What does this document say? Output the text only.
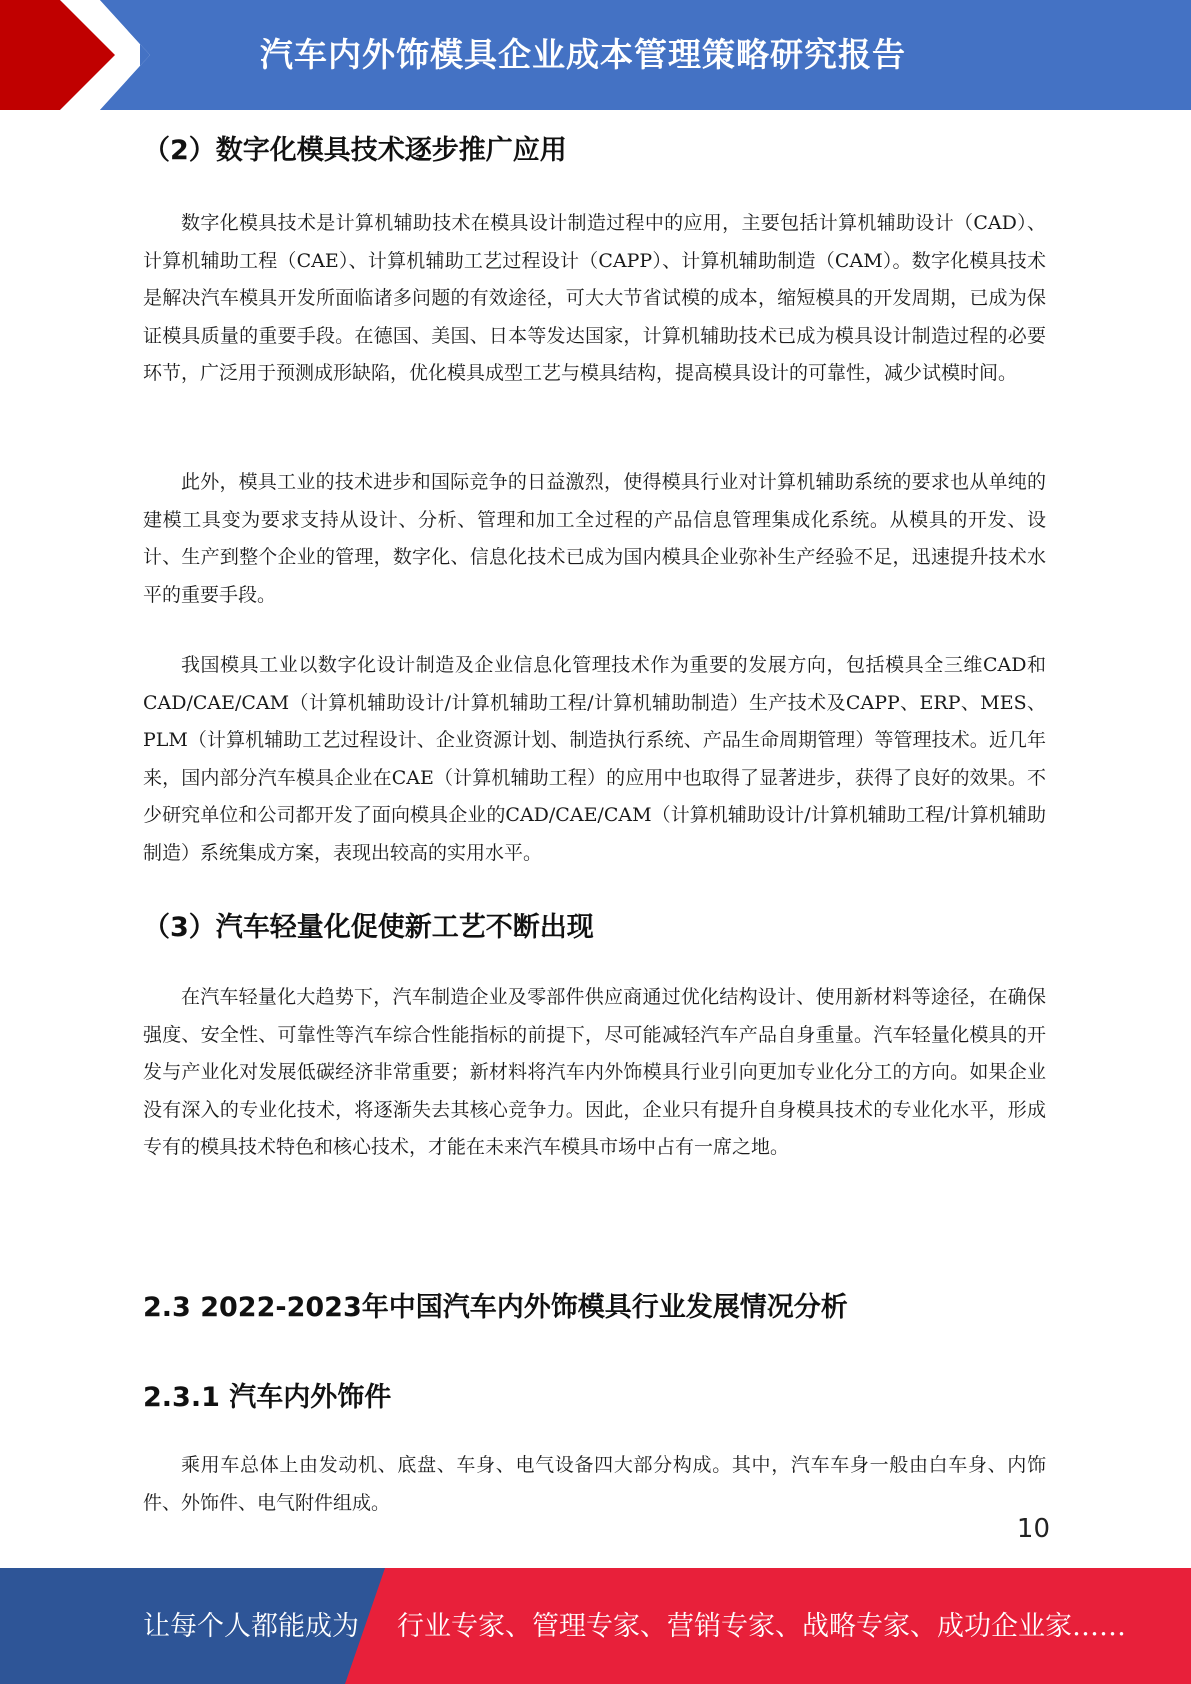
汽车内外饰模具企业成本管理策略研究报告
（2）数字化模具技术逐步推广应用
数字化模具技术是计算机辅助技术在模具设计制造过程中的应用，主要包括计算机辅助设计（CAD）、计算机辅助工程（CAE）、计算机辅助工艺过程设计（CAPP）、计算机辅助制造（CAM）。数字化模具技术是解决汽车模具开发所面临诸多问题的有效途径，可大大节省试模的成本，缩短模具的开发周期，已成为保证模具质量的重要手段。在德国、美国、日本等发达国家，计算机辅助技术已成为模具设计制造过程的必要环节，广泛用于预测成形缺陷，优化模具成型工艺与模具结构，提高模具设计的可靠性，减少试模时间。
此外，模具工业的技术进步和国际竞争的日益激烈，使得模具行业对计算机辅助系统的要求也从单纯的建模工具变为要求支持从设计、分析、管理和加工全过程的产品信息管理集成化系统。从模具的开发、设计、生产到整个企业的管理，数字化、信息化技术已成为国内模具企业弥补生产经验不足，迅速提升技术水平的重要手段。
我国模具工业以数字化设计制造及企业信息化管理技术作为重要的发展方向，包括模具全三维CAD和CAD/CAE/CAM（计算机辅助设计/计算机辅助工程/计算机辅助制造）生产技术及CAPP、ERP、MES、PLM（计算机辅助工艺过程设计、企业资源计划、制造执行系统、产品生命周期管理）等管理技术。近几年来，国内部分汽车模具企业在CAE（计算机辅助工程）的应用中也取得了显著进步，获得了良好的效果。不少研究单位和公司都开发了面向模具企业的CAD/CAE/CAM（计算机辅助设计/计算机辅助工程/计算机辅助制造）系统集成方案，表现出较高的实用水平。
（3）汽车轻量化促使新工艺不断出现
在汽车轻量化大趋势下，汽车制造企业及零部件供应商通过优化结构设计、使用新材料等途径，在确保强度、安全性、可靠性等汽车综合性能指标的前提下，尽可能减轻汽车产品自身重量。汽车轻量化模具的开发与产业化对发展低碳经济非常重要；新材料将汽车内外饰模具行业引向更加专业化分工的方向。如果企业没有深入的专业化技术，将逐渐失去其核心竞争力。因此，企业只有提升自身模具技术的专业化水平，形成专有的模具技术特色和核心技术，才能在未来汽车模具市场中占有一席之地。
2.3 2022-2023年中国汽车内外饰模具行业发展情况分析
2.3.1 汽车内外饰件
乘用车总体上由发动机、底盘、车身、电气设备四大部分构成。其中，汽车车身一般由白车身、内饰件、外饰件、电气附件组成。
10
让每个人都能成为 行业专家、管理专家、营销专家、战略专家、成功企业家……
